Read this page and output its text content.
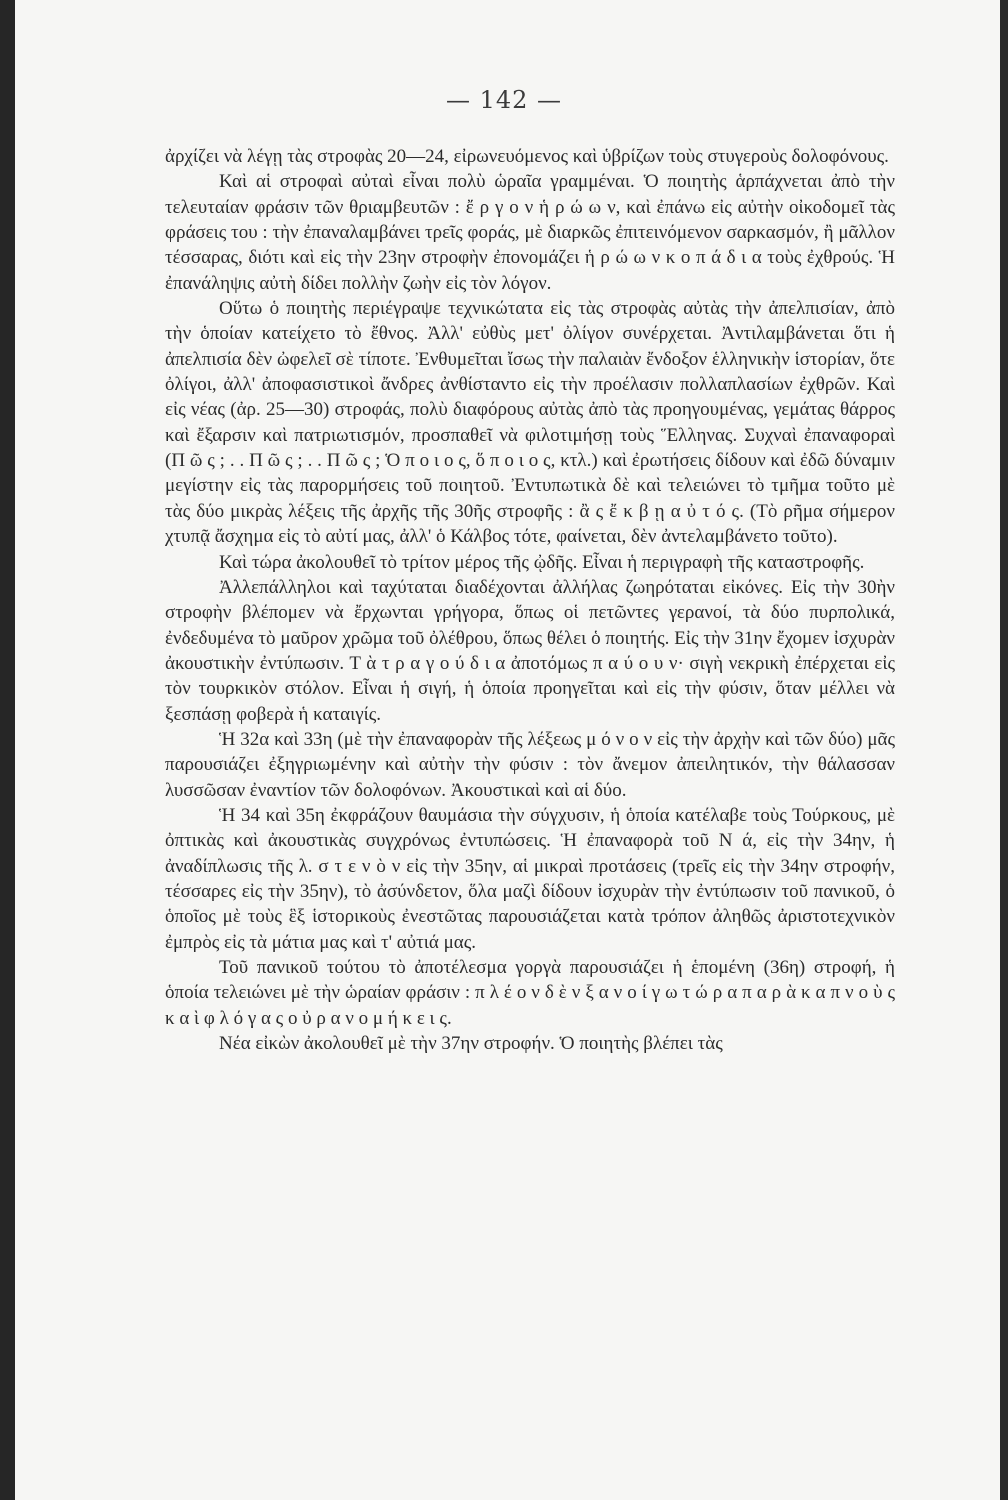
— 142 —

ἀρχίζει νὰ λέγῃ τὰς στροφὰς 20—24, εἰρωνευόμενος καὶ ὑβρίζων τοὺς στυγεροὺς δολοφόνους.

Καὶ αἱ στροφαὶ αὐταὶ εἶναι πολὺ ὡραῖα γραμμέναι. Ὁ ποιητὴς ἁρπάχνεται ἀπὸ τὴν τελευταίαν φράσιν τῶν θριαμβευτῶν : ἔ ρ γ ο ν ἡ ρ ώ ω ν, καὶ ἐπάνω εἰς αὐτὴν οἰκοδομεῖ τὰς φράσεις του : τὴν ἐπαναλαμβάνει τρεῖς φοράς, μὲ διαρκῶς ἐπιτεινόμενον σαρκασμόν, ἢ μᾶλλον τέσσαρας, διότι καὶ εἰς τὴν 23ην στροφὴν ἐπονομάζει ἡ ρ ώ ω ν κ ο π ά δ ι α τοὺς ἐχθρούς. Ἡ ἐπανάληψις αὐτὴ δίδει πολλὴν ζωὴν εἰς τὸν λόγον.

Οὕτω ὁ ποιητὴς περιέγραψε τεχνικώτατα εἰς τὰς στροφὰς αὐτὰς τὴν ἀπελπισίαν, ἀπὸ τὴν ὁποίαν κατείχετο τὸ ἔθνος. Ἀλλ' εὐθὺς μετ' ὀλίγον συνέρχεται. Ἀντιλαμβάνεται ὅτι ἡ ἀπελπισία δὲν ὠφελεῖ σὲ τίποτε. Ἐνθυμεῖται ἴσως τὴν παλαιὰν ἔνδοξον ἑλληνικὴν ἱστορίαν, ὅτε ὀλίγοι, ἀλλ' ἀποφασιστικοὶ ἄνδρες ἀνθίσταντο εἰς τὴν προέλασιν πολλαπλασίων ἐχθρῶν. Καὶ εἰς νέας (ἀρ. 25—30) στροφάς, πολὺ διαφόρους αὐτὰς ἀπὸ τὰς προηγουμένας, γεμάτας θάρρος καὶ ἔξαρσιν καὶ πατριωτισμόν, προσπαθεῖ νὰ φιλοτιμήσῃ τοὺς Ἕλληνας. Συχναὶ ἐπαναφοραὶ (Π ῶ ς ; . . Π ῶ ς ; . . Π ῶ ς ; Ὁ π ο ι ο ς, ὅ π ο ι ο ς, κτλ.) καὶ ἐρωτήσεις δίδουν καὶ ἐδῶ δύναμιν μεγίστην εἰς τὰς παρορμήσεις τοῦ ποιητοῦ. Ἐντυπωτικὰ δὲ καὶ τελειώνει τὸ τμῆμα τοῦτο μὲ τὰς δύο μικρὰς λέξεις τῆς ἀρχῆς τῆς 30ῆς στροφῆς : ἂ ς ἔ κ β ῃ α ὐ τ ό ς. (Τὸ ρῆμα σήμερον χτυπᾷ ἄσχημα εἰς τὸ αὐτί μας, ἀλλ' ὁ Κάλβος τότε, φαίνεται, δὲν ἀντελαμβάνετο τοῦτο).

Καὶ τώρα ἀκολουθεῖ τὸ τρίτον μέρος τῆς ᾠδῆς. Εἶναι ἡ περιγραφὴ τῆς καταστροφῆς.

Ἀλλεπάλληλοι καὶ ταχύταται διαδέχονται ἀλλήλας ζωηρόταται εἰκόνες. Εἰς τὴν 30ὴν στροφὴν βλέπομεν νὰ ἔρχωνται γρήγορα, ὅπως οἱ πετῶντες γερανοί, τὰ δύο πυρπολικά, ἐνδεδυμένα τὸ μαῦρον χρῶμα τοῦ ὀλέθρου, ὅπως θέλει ὁ ποιητής. Εἰς τὴν 31ην ἔχομεν ἰσχυρὰν ἀκουστικὴν ἐντύπωσιν. Τ ὰ τ ρ α γ ο ύ δ ι α ἀποτόμως π α ύ ο υ ν· σιγὴ νεκρικὴ ἐπέρχεται εἰς τὸν τουρκικὸν στόλον. Εἶναι ἡ σιγή, ἡ ὁποία προηγεῖται καὶ εἰς τὴν φύσιν, ὅταν μέλλει νὰ ξεσπάσῃ φοβερὰ ἡ καταιγίς.

Ἡ 32α καὶ 33η (μὲ τὴν ἐπαναφορὰν τῆς λέξεως μ ό ν ο ν εἰς τὴν ἀρχὴν καὶ τῶν δύο) μᾶς παρουσιάζει ἐξηγριωμένην καὶ αὐτὴν τὴν φύσιν : τὸν ἄνεμον ἀπειλητικόν, τὴν θάλασσαν λυσσῶσαν ἐναντίον τῶν δολοφόνων. Ἀκουστικαὶ καὶ αἱ δύο.

Ἡ 34 καὶ 35η ἐκφράζουν θαυμάσια τὴν σύγχυσιν, ἡ ὁποία κατέλαβε τοὺς Τούρκους, μὲ ὀπτικὰς καὶ ἀκουστικὰς συγχρόνως ἐντυπώσεις. Ἡ ἐπαναφορὰ τοῦ Ν ά, εἰς τὴν 34ην, ἡ ἀναδίπλωσις τῆς λ. σ τ ε ν ὸ ν εἰς τὴν 35ην, αἱ μικραὶ προτάσεις (τρεῖς εἰς τὴν 34ην στροφήν, τέσσαρες εἰς τὴν 35ην), τὸ ἀσύνδετον, ὅλα μαζὶ δίδουν ἰσχυρὰν τὴν ἐντύπωσιν τοῦ πανικοῦ, ὁ ὁποῖος μὲ τοὺς ἓξ ἱστορικοὺς ἐνεστῶτας παρουσιάζεται κατὰ τρόπον ἀληθῶς ἀριστοτεχνικὸν ἐμπρὸς εἰς τὰ μάτια μας καὶ τ' αὐτιά μας.

Τοῦ πανικοῦ τούτου τὸ ἀποτέλεσμα γοργὰ παρουσιάζει ἡ ἑπομένη (36η) στροφή, ἡ ὁποία τελειώνει μὲ τὴν ὡραίαν φράσιν : π λ έ ο ν δ ὲ ν ξ α ν ο ί γ ω τ ώ ρ α π α ρ ὰ κ α π ν ο ὺ ς κ α ὶ φ λ ό γ α ς ο ὐ ρ α ν ο μ ή κ ε ι ς.

Νέα εἰκὼν ἀκολουθεῖ μὲ τὴν 37ην στροφήν. Ὁ ποιητὴς βλέπει τὰς
